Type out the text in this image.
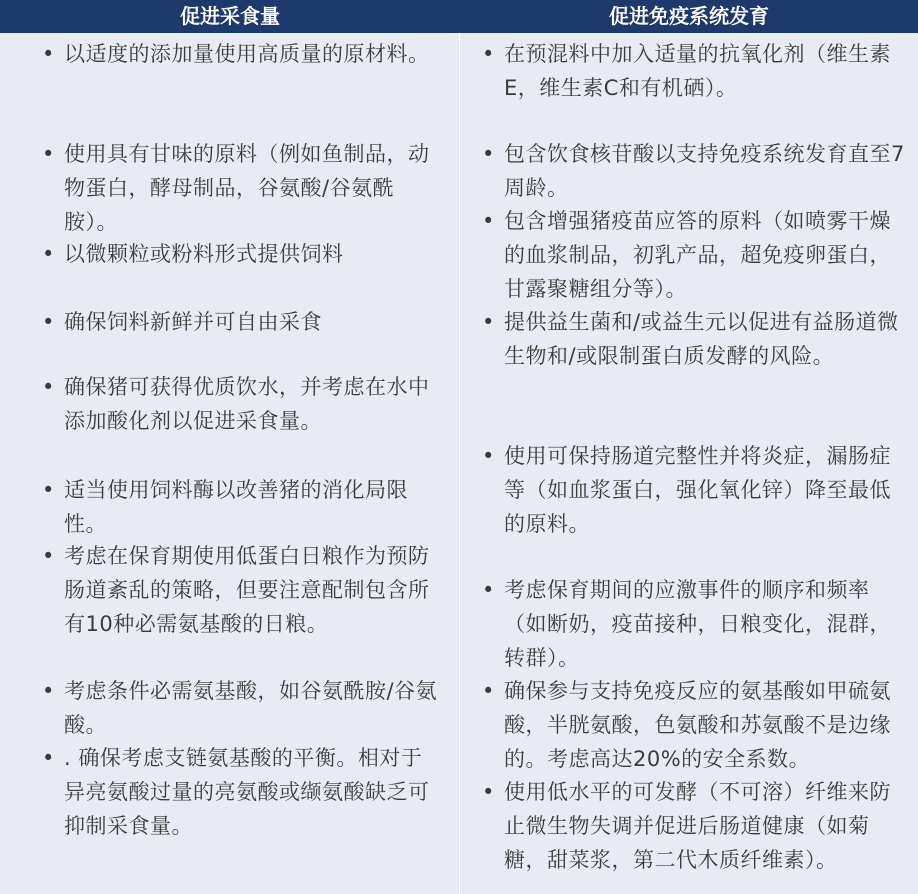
促进采食量	促进免疫系统发育
• 以适度的添加量使用高质量的原材料。
• 使用具有甘味的原料（例如鱼制品，动物蛋白，酵母制品，谷氨酸/谷氨酰胺）。
• 以微颗粒或粉料形式提供饲料
• 确保饲料新鲜并可自由采食
• 确保猪可获得优质饮水，并考虑在水中添加酸化剂以促进采食量。
• 适当使用饲料酶以改善猪的消化局限性。
• 考虑在保育期使用低蛋白日粮作为预防肠道紊乱的策略，但要注意配制包含所有10种必需氨基酸的日粮。
• 考虑条件必需氨基酸，如谷氨酰胺/谷氨酸。
• . 确保考虑支链氨基酸的平衡。相对于异亮氨酸过量的亮氨酸或缬氨酸缺乏可抑制采食量。
• 在预混料中加入适量的抗氧化剂（维生素E，维生素C和有机硒）。
• 包含饮食核苷酸以支持免疫系统发育直至7周龄。
• 包含增强猪疫苗应答的原料（如喷雾干燥的血浆制品，初乳产品，超免疫卵蛋白，甘露聚糖组分等）。
• 提供益生菌和/或益生元以促进有益肠道微生物和/或限制蛋白质发酵的风险。
• 使用可保持肠道完整性并将炎症，漏肠症等（如血浆蛋白，强化氧化锌）降至最低的原料。
• 考虑保育期间的应激事件的顺序和频率（如断奶，疫苗接种，日粮变化，混群，转群）。
• 确保参与支持免疫反应的氨基酸如甲硫氨酸，半胱氨酸，色氨酸和苏氨酸不是边缘的。考虑高达20%的安全系数。
• 使用低水平的可发酵（不可溶）纤维来防止微生物失调并促进后肠道健康（如菊糖，甜菜浆，第二代木质纤维素）。
